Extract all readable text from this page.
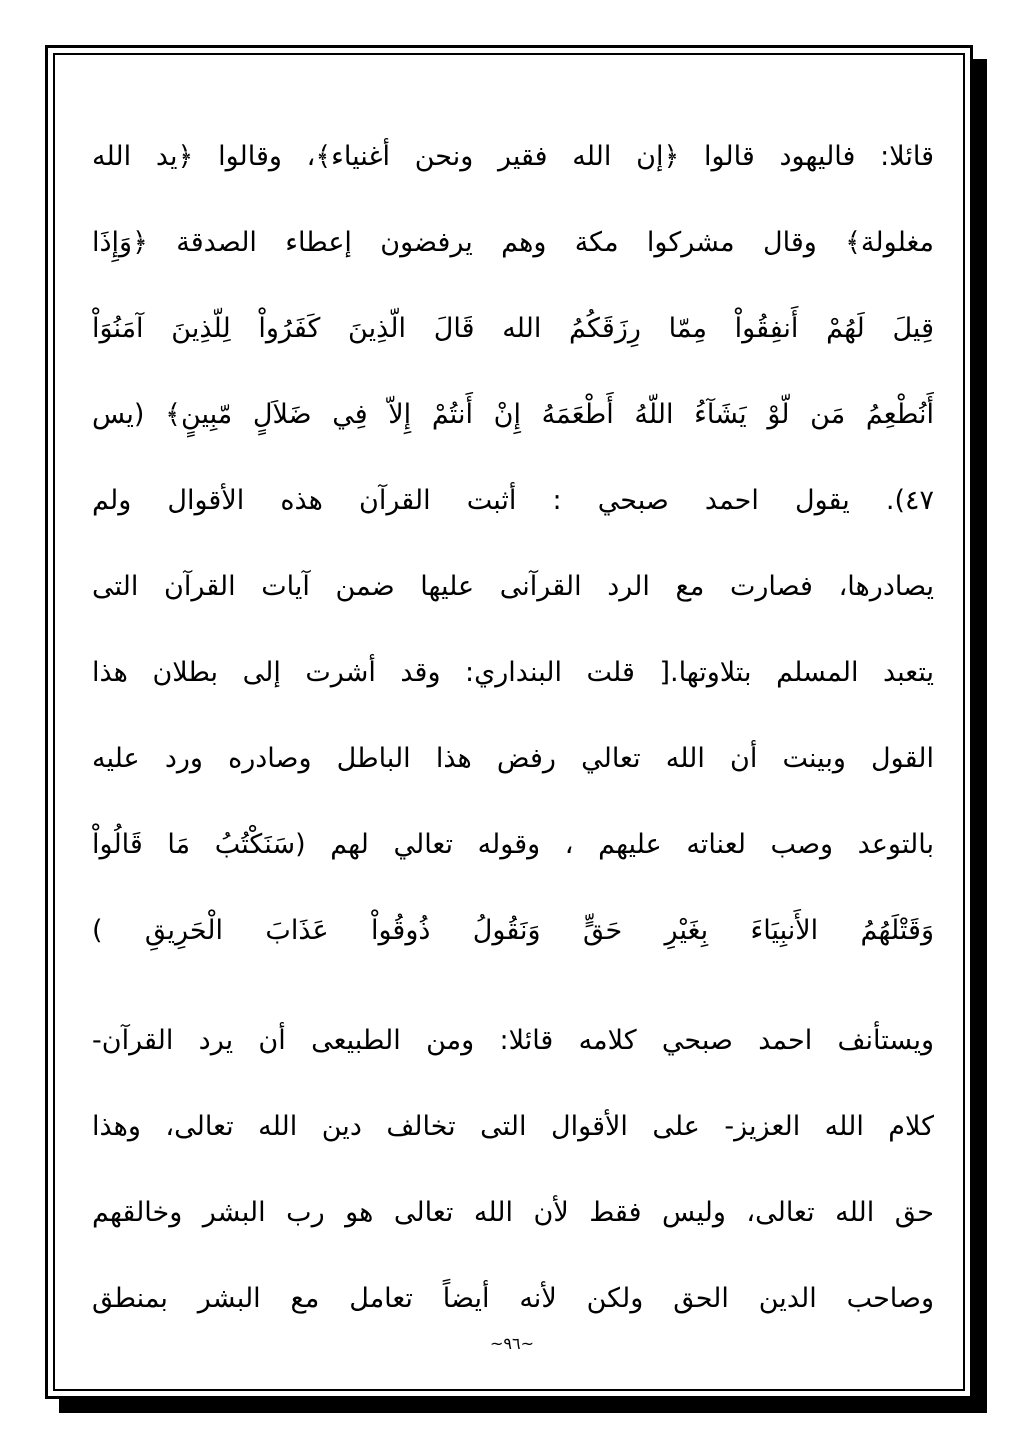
قائلا: فاليهود قالوا ﴿إن الله فقير ونحن أغنياء﴾، وقالوا ﴿يد الله
مغلولة﴾ وقال مشركوا مكة وهم يرفضون إعطاء الصدقة ﴿وَإِذَا
قِيلَ لَهُمْ أَنفِقُواْ مِمّا رِزَقَكُمُ الله قَالَ الّذِينَ كَفَرُواْ لِلّذِينَ آمَنُوَاْ
أَنُطْعِمُ مَن لّوْ يَشَآءُ اللّهُ أَطْعَمَهُ إِنْ أَنتُمْ إِلاّ فِي ضَلاَلٍ مّبِينٍ﴾ (يس
٤٧). يقول احمد صبحي : أثبت القرآن هذه الأقوال ولم
يصادرها، فصارت مع الرد القرآنى عليها ضمن آيات القرآن التى
يتعبد المسلم بتلاوتها.[ قلت البنداري: وقد أشرت إلى بطلان هذا
القول وبينت أن الله تعالي رفض هذا الباطل وصادره ورد عليه
بالتوعد وصب لعناته عليهم ، وقوله تعالي لهم (سَنَكْتُبُ مَا قَالُواْ
وَقَتْلَهُمُ الأَنبِيَاءَ بِغَيْرِ حَقٍّ وَنَقُولُ ذُوقُواْ عَذَابَ الْحَرِيقِ )
ويستأنف احمد صبحي كلامه قائلا: ومن الطبيعى أن يرد القرآن-
كلام الله العزيز- على الأقوال التى تخالف دين الله تعالى، وهذا
حق الله تعالى، وليس فقط لأن الله تعالى هو رب البشر وخالقهم
وصاحب الدين الحق ولكن لأنه أيضاً تعامل مع البشر بمنطق
~٩٦~
